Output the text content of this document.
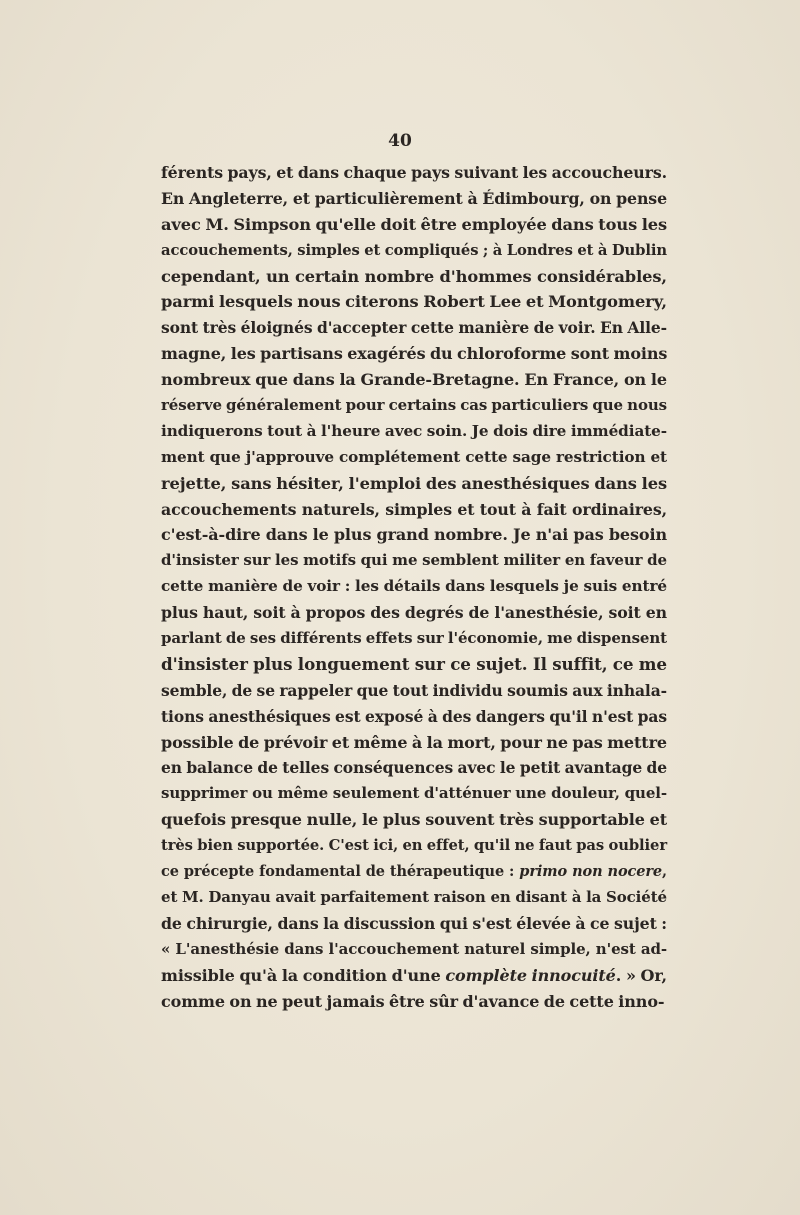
40
férents pays, et dans chaque pays suivant les accoucheurs.
En Angleterre, et particulièrement à Édimbourg, on pense
avec M. Simpson qu'elle doit être employée dans tous les
accouchements, simples et compliqués ; à Londres et à Dublin
cependant, un certain nombre d'hommes considérables,
parmi lesquels nous citerons Robert Lee et Montgomery,
sont très éloignés d'accepter cette manière de voir. En Alle-
magne, les partisans exagérés du chloroforme sont moins
nombreux que dans la Grande-Bretagne. En France, on le
réserve généralement pour certains cas particuliers que nous
indiquerons tout à l'heure avec soin. Je dois dire immédiate-
ment que j'approuve complétement cette sage restriction et
rejette, sans hésiter, l'emploi des anesthésiques dans les
accouchements naturels, simples et tout à fait ordinaires,
c'est-à-dire dans le plus grand nombre. Je n'ai pas besoin
d'insister sur les motifs qui me semblent militer en faveur de
cette manière de voir : les détails dans lesquels je suis entré
plus haut, soit à propos des degrés de l'anesthésie, soit en
parlant de ses différents effets sur l'économie, me dispensent
d'insister plus longuement sur ce sujet. Il suffit, ce me
semble, de se rappeler que tout individu soumis aux inhala-
tions anesthésiques est exposé à des dangers qu'il n'est pas
possible de prévoir et même à la mort, pour ne pas mettre
en balance de telles conséquences avec le petit avantage de
supprimer ou même seulement d'atténuer une douleur, quel-
quefois presque nulle, le plus souvent très supportable et
très bien supportée. C'est ici, en effet, qu'il ne faut pas oublier
ce précepte fondamental de thérapeutique : primo non nocere,
et M. Danyau avait parfaitement raison en disant à la Société
de chirurgie, dans la discussion qui s'est élevée à ce sujet :
« L'anesthésie dans l'accouchement naturel simple, n'est ad-
missible qu'à la condition d'une complète innocuité. » Or,
comme on ne peut jamais être sûr d'avance de cette inno-
